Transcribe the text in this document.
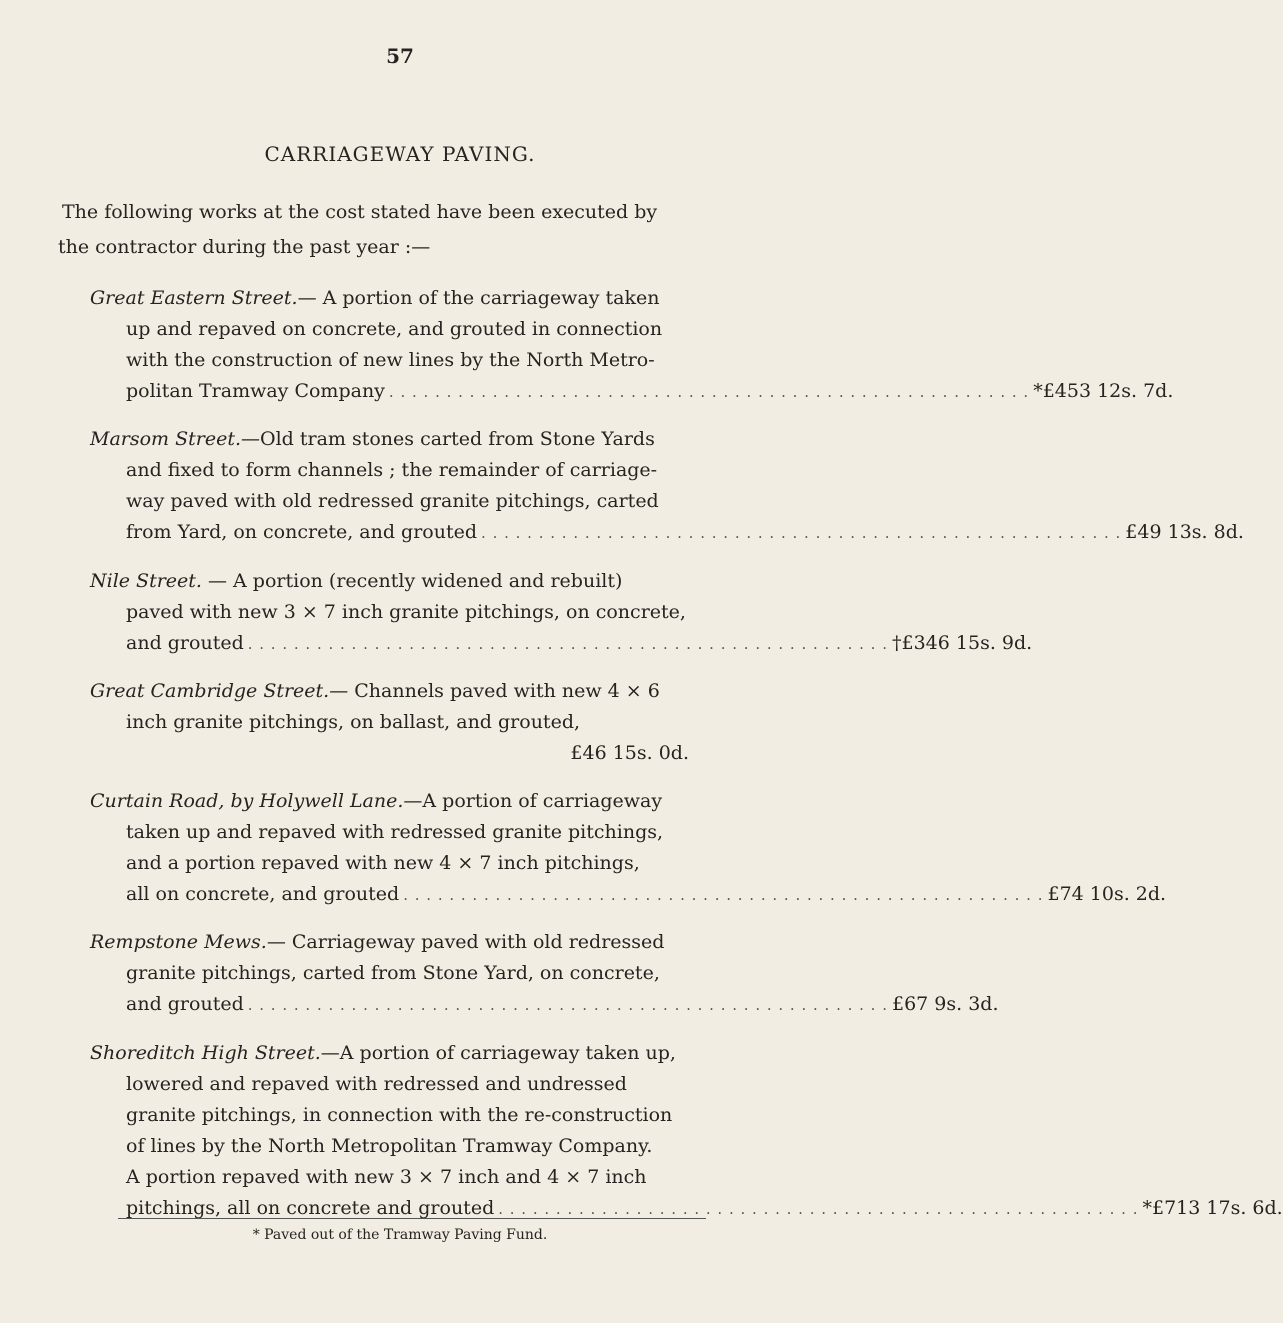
57
CARRIAGEWAY PAVING.
The following works at the cost stated have been executed by the contractor during the past year :—
Great Eastern Street.— A portion of the carriageway taken
up and repaved on concrete, and grouted in connection
with the construction of new lines by the North Metro-
politan Tramway Company . . . . . . . . . . . . . . . . . . . . . . . . . . . . . . . . . . . . . . . . . . . . . . . . . . . . . . . . *£453 12s. 7d.
Marsom Street.—Old tram stones carted from Stone Yards
and fixed to form channels ; the remainder of carriage-
way paved with old redressed granite pitchings, carted
from Yard, on concrete, and grouted . . . . . . . . . . . . . . . . . . . . . . . . . . . . . . . . . . . . . . . . . . . . . . . . . . . . . . . . £49 13s. 8d.
Nile Street. — A portion (recently widened and rebuilt)
paved with new 3 × 7 inch granite pitchings, on concrete,
and grouted . . . . . . . . . . . . . . . . . . . . . . . . . . . . . . . . . . . . . . . . . . . . . . . . . . . . . . . . †£346 15s. 9d.
Great Cambridge Street.— Channels paved with new 4 × 6
inch granite pitchings, on ballast, and grouted,
£46 15s. 0d.
Curtain Road, by Holywell Lane.—A portion of carriageway
taken up and repaved with redressed granite pitchings,
and a portion repaved with new 4 × 7 inch pitchings,
all on concrete, and grouted . . . . . . . . . . . . . . . . . . . . . . . . . . . . . . . . . . . . . . . . . . . . . . . . . . . . . . . . £74 10s. 2d.
Rempstone Mews.— Carriageway paved with old redressed
granite pitchings, carted from Stone Yard, on concrete,
and grouted . . . . . . . . . . . . . . . . . . . . . . . . . . . . . . . . . . . . . . . . . . . . . . . . . . . . . . . . £67 9s. 3d.
Shoreditch High Street.—A portion of carriageway taken up,
lowered and repaved with redressed and undressed
granite pitchings, in connection with the re-construction
of lines by the North Metropolitan Tramway Company.
A portion repaved with new 3 × 7 inch and 4 × 7 inch
pitchings, all on concrete and grouted . . . . . . . . . . . . . . . . . . . . . . . . . . . . . . . . . . . . . . . . . . . . . . . . . . . . . . . . *£713 17s. 6d.
* Paved out of the Tramway Paving Fund.
